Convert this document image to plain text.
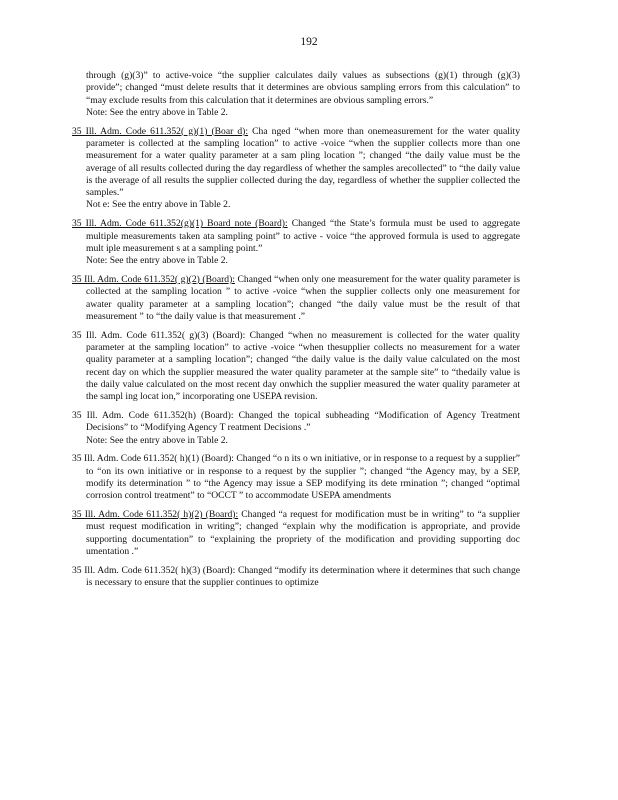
192
through (g)(3)” to active-voice “the supplier calculates daily values as subsections (g)(1) through (g)(3) provide”; changed “must delete results that it determines are obvious sampling errors from this calculation” to “may exclude results from this calculation that it determines are obvious sampling errors.”
Note: See the entry above in Table 2.
35 Ill. Adm. Code 611.352( g)(1) (Boar d): Cha nged “when more than onemeasurement for the water quality parameter is collected at the sampling location” to active -voice “when the supplier collects more than one measurement for a water quality parameter at a sam pling location ”; changed “the daily value must be the average of all results collected during the day regardless of whether the samples arecollected” to “the daily value is the average of all results the supplier collected during the day, regardless of whether the supplier collected the samples.”
Not e: See the entry above in Table 2.
35 Ill. Adm. Code 611.352(g)(1) Board note (Board): Changed “the State’s formula must be used to aggregate multiple measurements taken ata sampling point” to active - voice “the approved formula is used to aggregate mult iple measurement s at a sampling point.”
Note: See the entry above in Table 2.
35 Ill. Adm. Code 611.352( g)(2) (Board): Changed “when only one measurement for the water quality parameter is collected at the sampling location ” to active -voice “when the supplier collects only one measurement for awater quality parameter at a sampling location”; changed “the daily value must be the result of that measurement ” to “the daily value is that measurement .”
35 Ill. Adm. Code 611.352( g)(3) (Board): Changed “when no measurement is collected for the water quality parameter at the sampling location” to active -voice “when thesupplier collects no measurement for a water quality parameter at a sampling location”; changed “the daily value is the daily value calculated on the most recent day on which the supplier measured the water quality parameter at the sample site” to “thedaily value is the daily value calculated on the most recent day onwhich the supplier measured the water quality parameter at the sampl ing locat ion,” incorporating one USEPA revision.
35 Ill. Adm. Code 611.352(h) (Board): Changed the topical subheading “Modification of Agency Treatment Decisions” to “Modifying Agency T reatment Decisions .”
Note: See the entry above in Table 2.
35 Ill. Adm. Code 611.352( h)(1) (Board): Changed “o n its o wn initiative, or in response to a request by a supplier” to “on its own initiative or in response to a request by the supplier ”; changed “the Agency may, by a SEP, modify its determination ” to “the Agency may issue a SEP modifying its dete rmination ”; changed “optimal corrosion control treatment” to “OCCT ” to accommodate USEPA amendments
35 Ill. Adm. Code 611.352( h)(2) (Board): Changed “a request for modification must be in writing” to “a supplier must request modification in writing”; changed “explain why the modification is appropriate, and provide supporting documentation” to “explaining the propriety of the modification and providing supporting doc umentation .”
35 Ill. Adm. Code 611.352( h)(3) (Board): Changed “modify its determination where it determines that such change is necessary to ensure that the supplier continues to optimize
